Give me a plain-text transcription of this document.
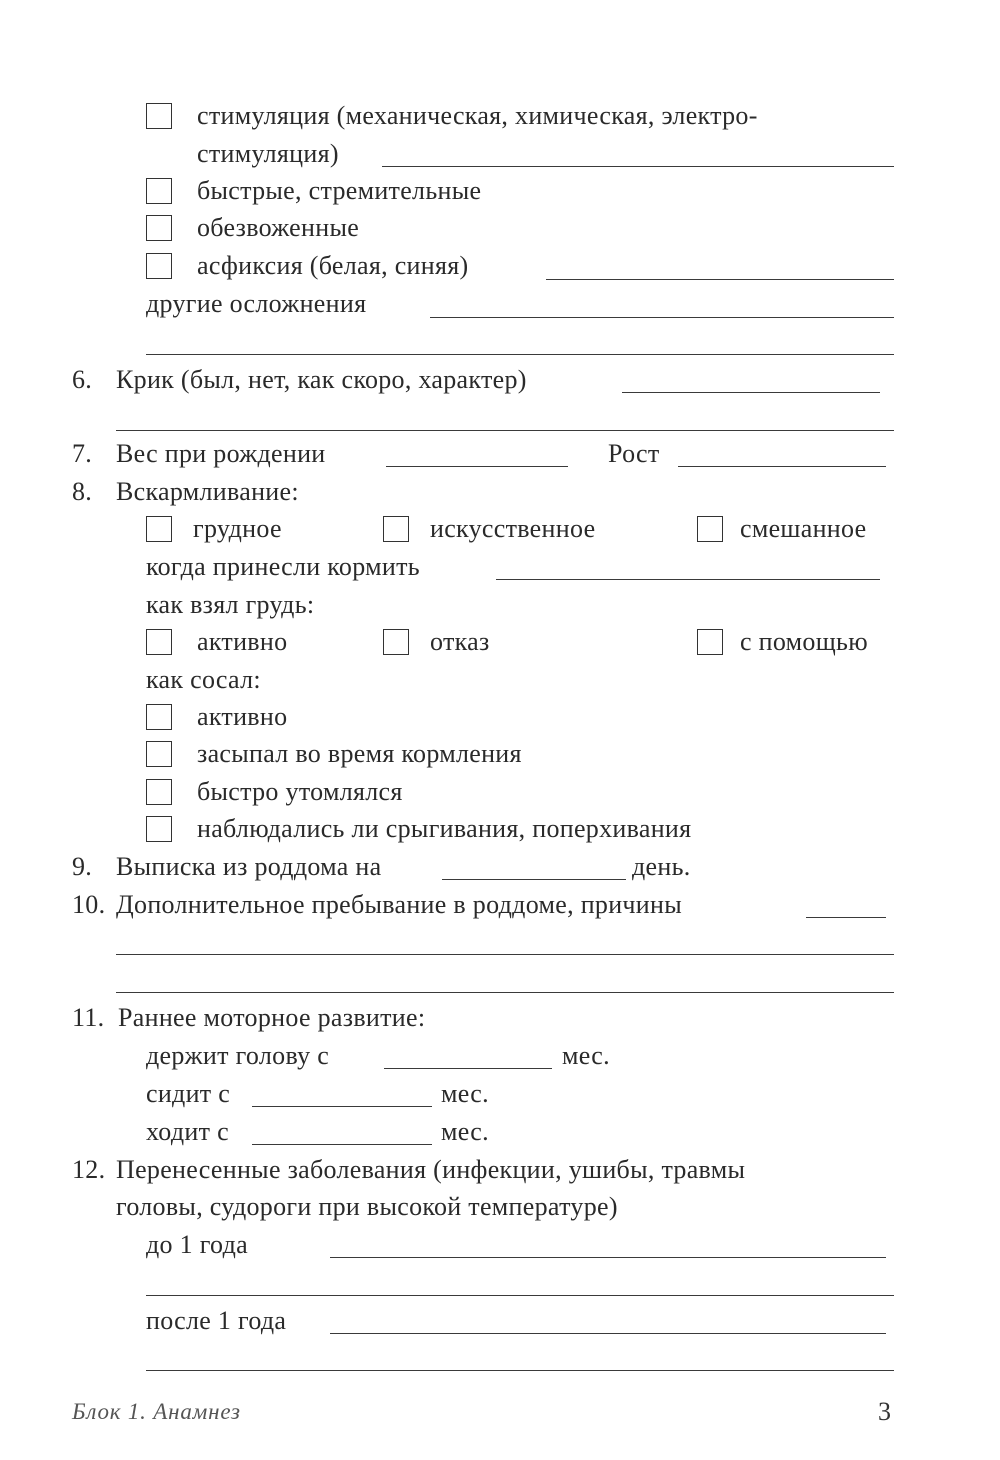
стимуляция (механическая, химическая, электро-
стимуляция)
быстрые, стремительные
обезвоженные
асфиксия (белая, синяя)
другие осложнения
6. Крик (был, нет, как скоро, характер)
7. Вес при рождении	Рост
8. Вскармливание:
грудное	искусственное	смешанное
когда принесли кормить
как взял грудь:
активно	отказ	с помощью
как сосал:
активно
засыпал во время кормления
быстро утомлялся
наблюдались ли срыгивания, поперхивания
9. Выписка из роддома на	день.
10. Дополнительное пребывание в роддоме, причины
11. Раннее моторное развитие:
держит голову с	мес.
сидит с	мес.
ходит с	мес.
12. Перенесенные заболевания (инфекции, ушибы, травмы
головы, судороги при высокой температуре)
до 1 года
после 1 года
Блок 1. Анамнез	3
